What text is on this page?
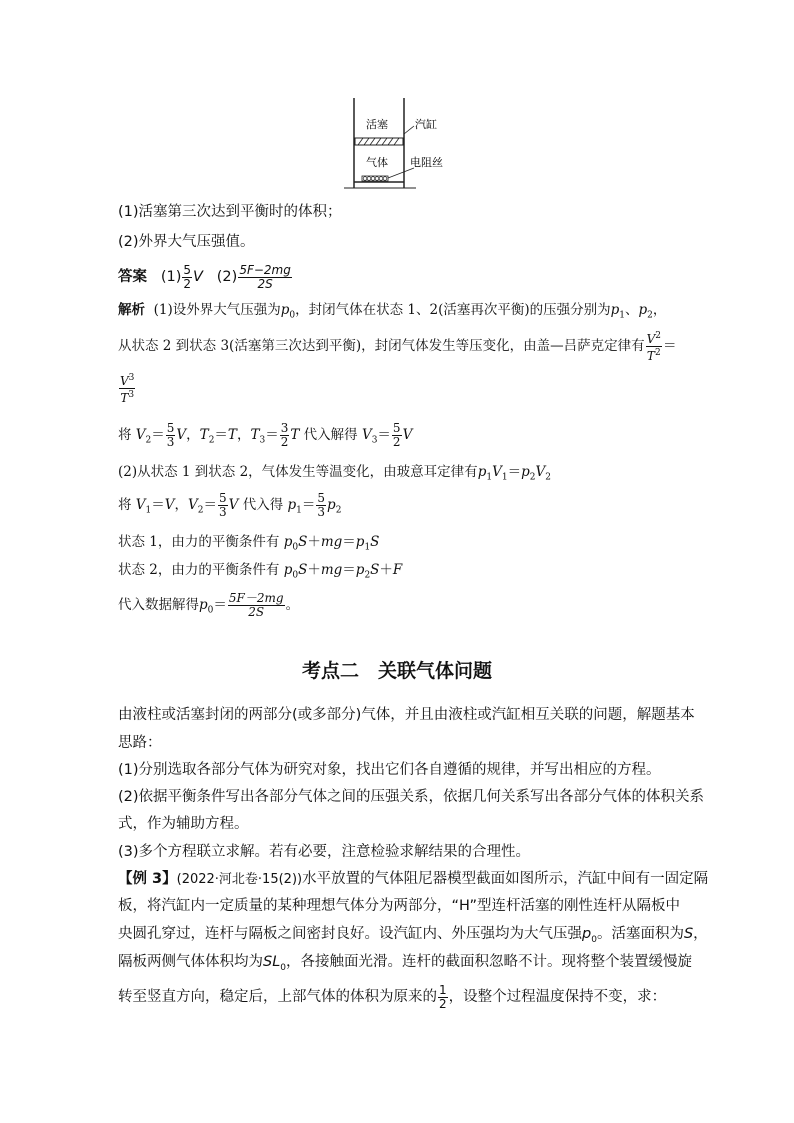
活塞 汽缸
气体 电阻丝
(1)活塞第三次达到平衡时的体积；
(2)外界大气压强值。
答案 $(1) \frac{5}{2}$ V $(2) \frac{5F-2mg}{2S}$
解析 (1)设外界大气压强为$p_0$，封闭气体在状态 1、2(活塞再次平衡)的压强分别为$p_1$、$p_2$，
从状态 2 到状态 3(活塞第三次达到平衡)，封闭气体发生等压变化，由盖—吕萨克定律有 $\frac{V^2}{T^2}$ ＝
$\frac{V^3}{T^3}$
将 $V_2= \frac{5}{3}$ V，$T_2=T$，$T_3= \frac{3}{2}$ T 代入解得 $V_3= \frac{5}{2}$ V
(2)从状态 1 到状态 2，气体发生等温变化，由玻意耳定律有$p_1V_1=p_2V_2$
将 $V_1=V$，$V_2= \frac{5}{3}$ V 代入得 $p_1= \frac{5}{3} p_2$
状态 1，由力的平衡条件有 $p_0S+mg=p_1S$
状态 2，由力的平衡条件有 $p_0S+mg=p_2S+F$
代入数据解得$p_0= \frac{5F-2mg}{2S}$ 。
考点二　关联气体问题
由液柱或活塞封闭的两部分(或多部分)气体，并且由液柱或汽缸相互关联的问题，解题基本
思路：
(1)分别选取各部分气体为研究对象，找出它们各自遵循的规律，并写出相应的方程。
(2)依据平衡条件写出各部分气体之间的压强关系，依据几何关系写出各部分气体的体积关系
式，作为辅助方程。
(3)多个方程联立求解。若有必要，注意检验求解结果的合理性。
【例 3】(2022·河北卷·15(2))水平放置的气体阻尼器模型截面如图所示，汽缸中间有一固定隔
板，将汽缸内一定质量的某种理想气体分为两部分，“H”型连杆活塞的刚性连杆从隔板中
央圆孔穿过，连杆与隔板之间密封良好。设汽缸内、外压强均为大气压强$p_0$。活塞面积为S，
隔板两侧气体体积均为$SL_0$，各接触面光滑。连杆的截面积忽略不计。现将整个装置缓慢旋
转至竖直方向，稳定后，上部气体的体积为原来的 $\frac{1}{2}$ ，设整个过程温度保持不变，求：
